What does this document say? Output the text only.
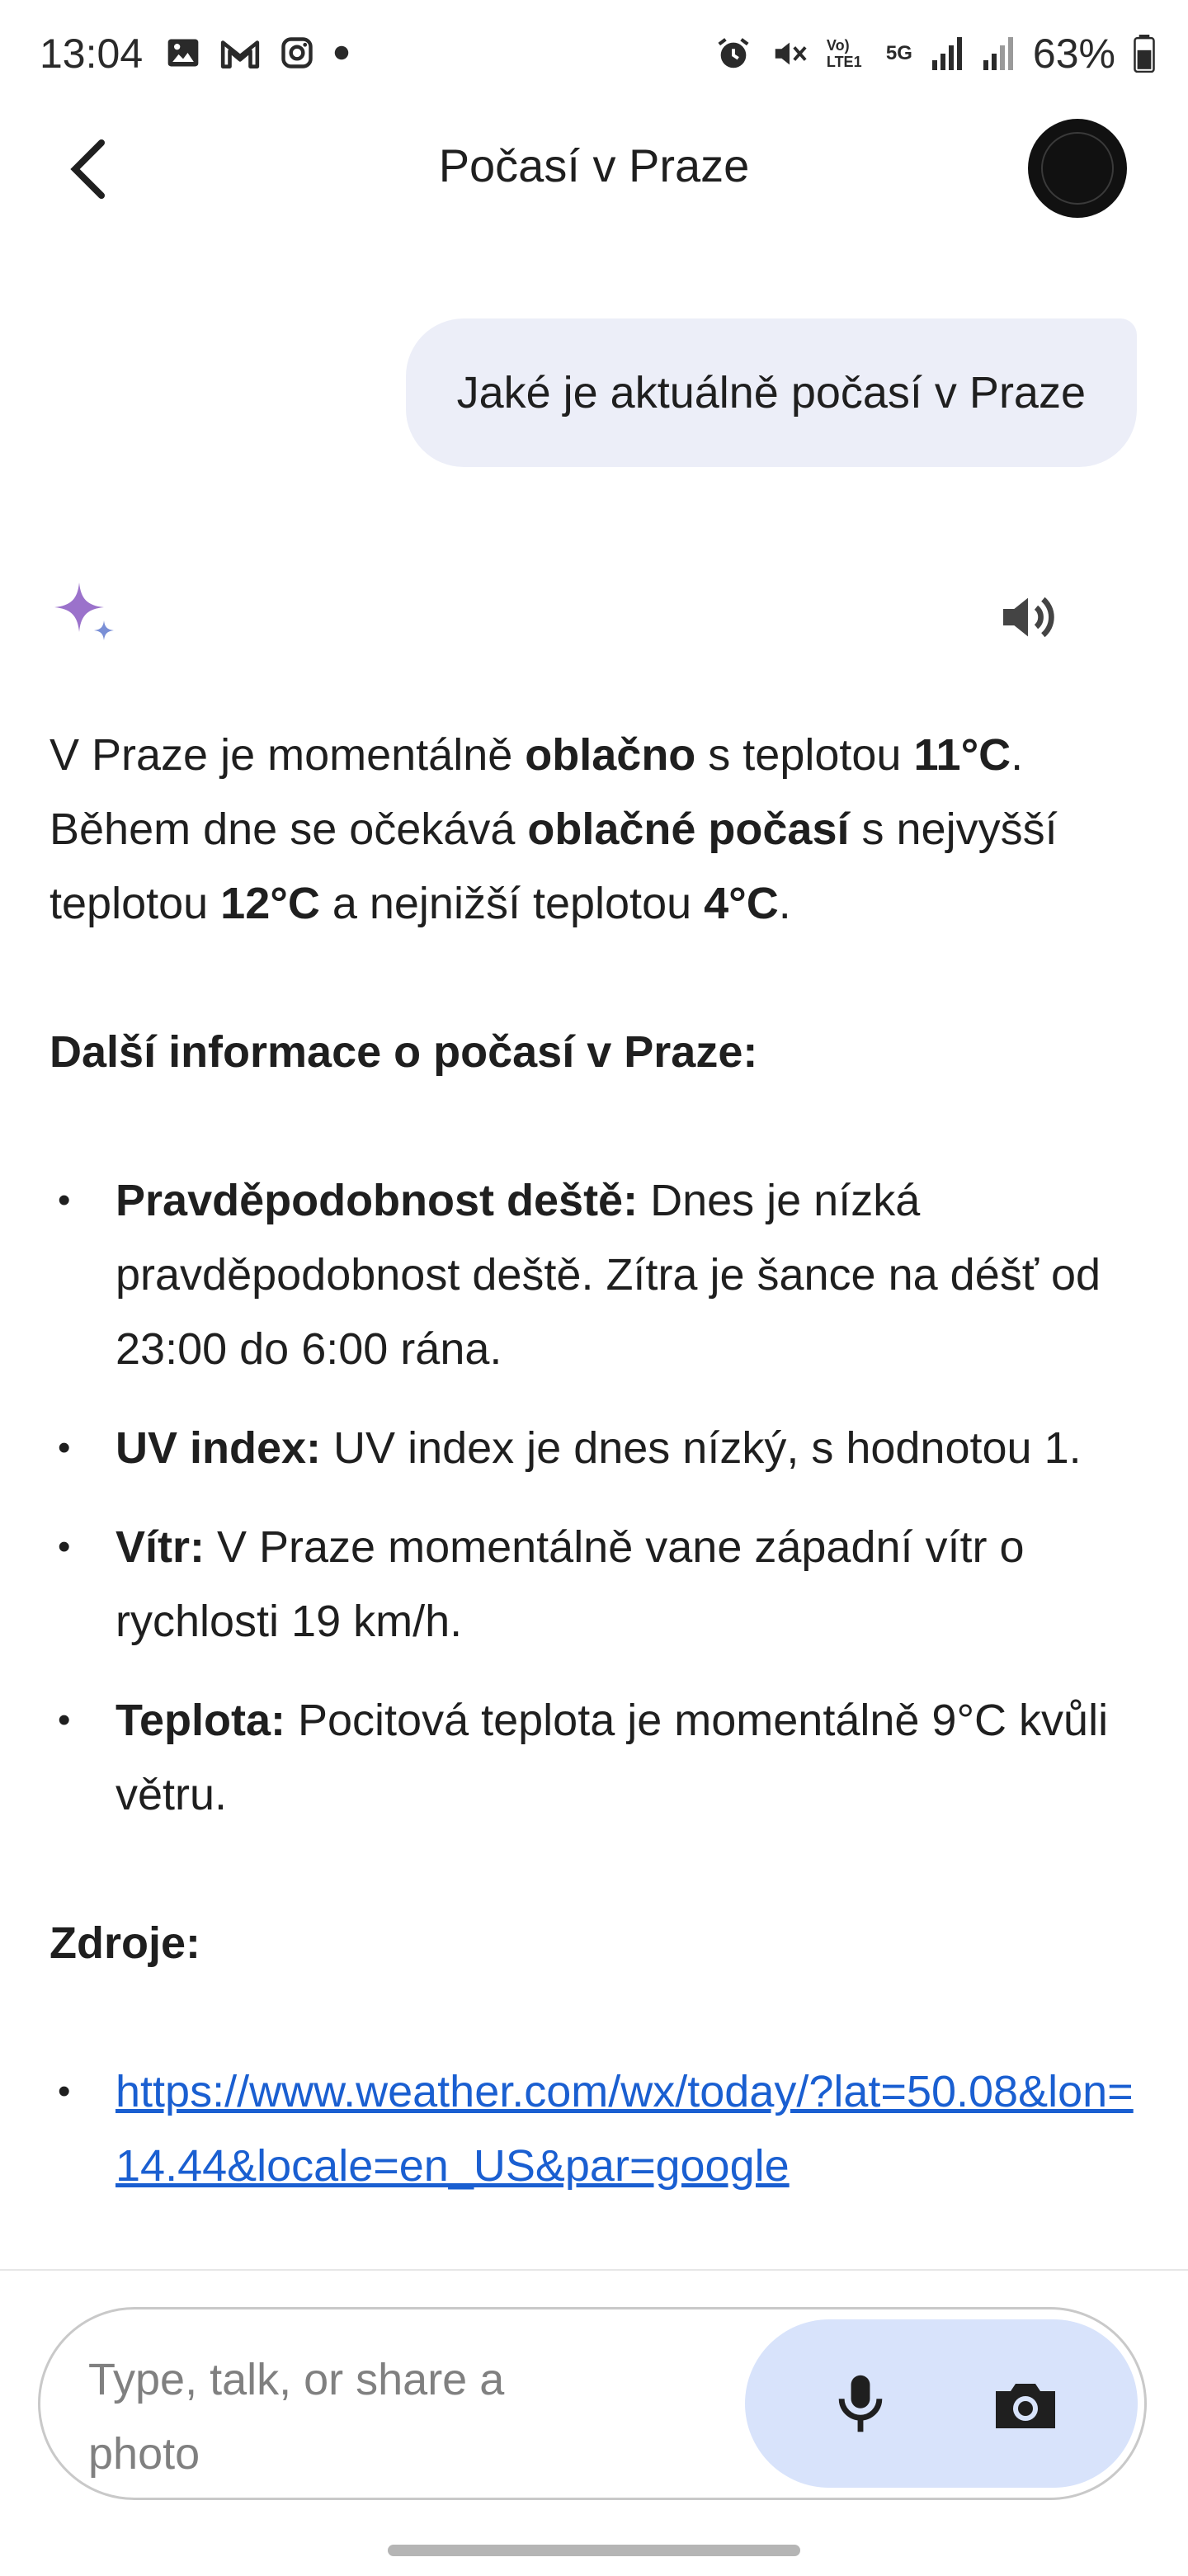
13:04	Vo) LTE1	5G	63%
Počasí v Praze
Jaké je aktuálně počasí v Praze

V Praze je momentálně oblačno s teplotou 11°C. Během dne se očekává oblačné počasí s nejvyšší teplotou 12°C a nejnižší teplotou 4°C.

Další informace o počasí v Praze:

• Pravděpodobnost deště: Dnes je nízká pravděpodobnost deště. Zítra je šance na déšť od 23:00 do 6:00 rána.
• UV index: UV index je dnes nízký, s hodnotou 1.
• Vítr: V Praze momentálně vane západní vítr o rychlosti 19 km/h.
• Teplota: Pocitová teplota je momentálně 9°C kvůli větru.

Zdroje:

• https://www.weather.com/wx/today/?lat=50.08&lon=14.44&locale=en_US&par=google
Type, talk, or share a photo
